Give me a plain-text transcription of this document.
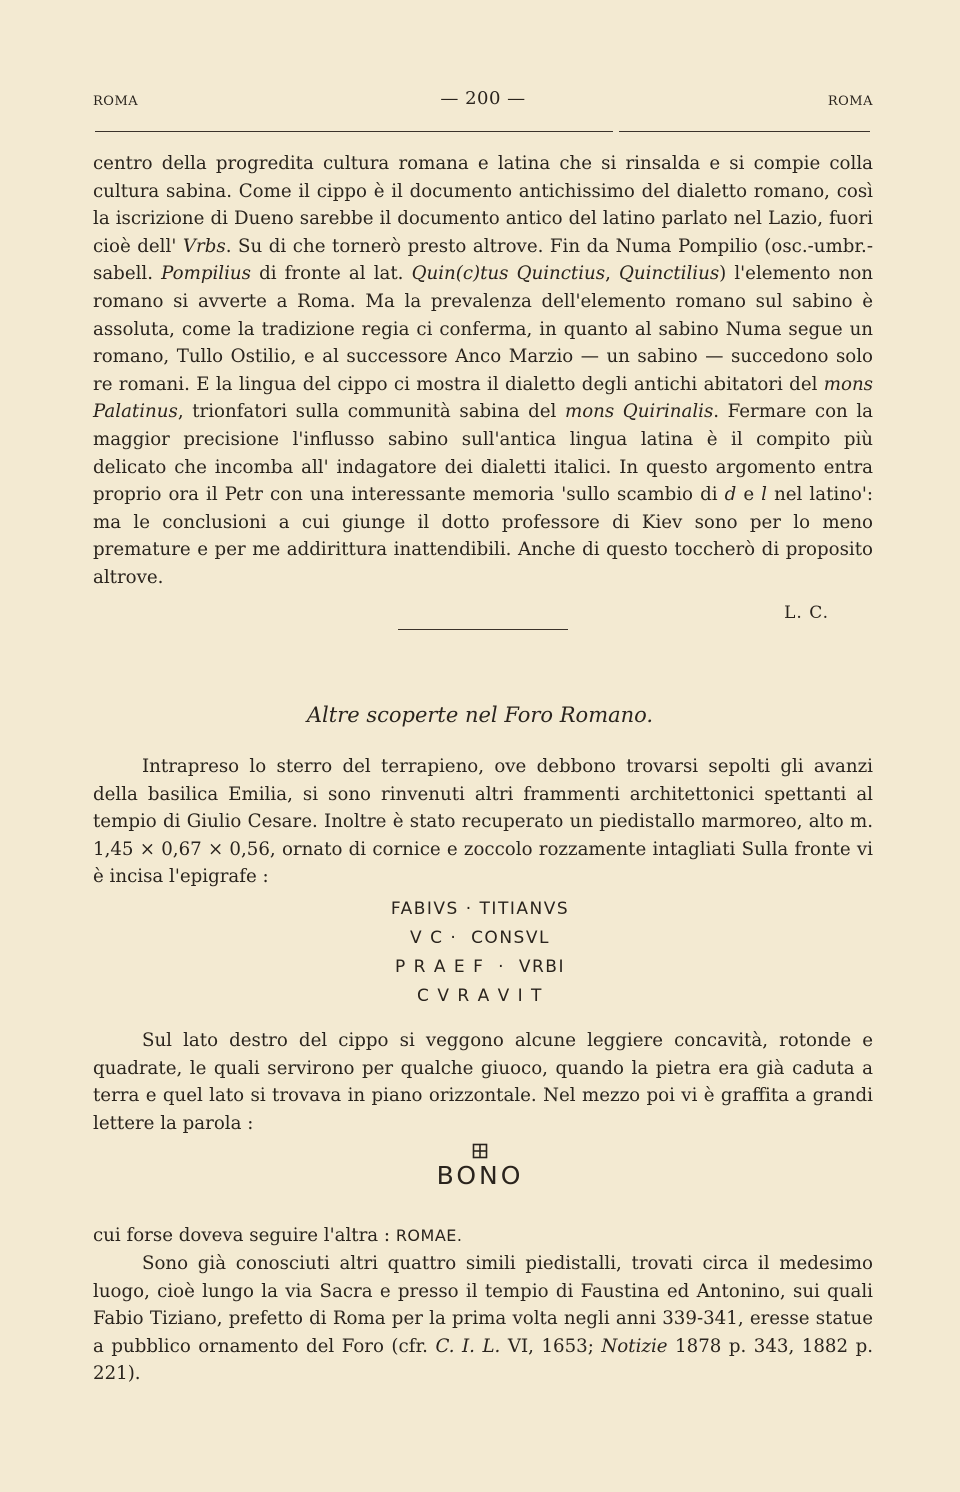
ROMA	— 200 —	ROMA
centro della progredita cultura romana e latina che si rinsalda e si compie colla cultura sabina. Come il cippo è il documento antichissimo del dialetto romano, così la iscrizione di Dueno sarebbe il documento antico del latino parlato nel Lazio, fuori cioè dell' Vrbs. Su di che tornerò presto altrove. Fin da Numa Pompilio (osc.-umbr.-sabell. Pompilius di fronte al lat. Quin(c)tus Quinctius, Quinctilius) l'elemento non romano si avverte a Roma. Ma la prevalenza dell'elemento romano sul sabino è assoluta, come la tradizione regia ci conferma, in quanto al sabino Numa segue un romano, Tullo Ostilio, e al successore Anco Marzio — un sabino — succedono solo re romani. E la lingua del cippo ci mostra il dialetto degli antichi abitatori del mons Palatinus, trionfatori sulla communità sabina del mons Quirinalis. Fermare con la maggior precisione l'influsso sabino sull'antica lingua latina è il compito più delicato che incomba all' indagatore dei dialetti italici. In questo argomento entra proprio ora il Petr con una interessante memoria 'sullo scambio di d e l nel latino': ma le conclusioni a cui giunge il dotto professore di Kiev sono per lo meno premature e per me addirittura inattendibili. Anche di questo toccherò di proposito altrove.
L. C.
Altre scoperte nel Foro Romano.
Intrapreso lo sterro del terrapieno, ove debbono trovarsi sepolti gli avanzi della basilica Emilia, si sono rinvenuti altri frammenti architettonici spettanti al tempio di Giulio Cesare. Inoltre è stato recuperato un piedistallo marmoreo, alto m. 1,45 × 0,67 × 0,56, ornato di cornice e zoccolo rozzamente intagliati Sulla fronte vi è incisa l'epigrafe :
FABIVS · TITIANVS
V C ·  CONSVL
P R A E F  ·  VRBI
C V R A V I T
Sul lato destro del cippo si veggono alcune leggiere concavità, rotonde e quadrate, le quali servirono per qualche giuoco, quando la pietra era già caduta a terra e quel lato si trovava in piano orizzontale. Nel mezzo poi vi è graffita a grandi lettere la parola :
BONO
cui forse doveva seguire l'altra : ROMAE.
Sono già conosciuti altri quattro simili piedistalli, trovati circa il medesimo luogo, cioè lungo la via Sacra e presso il tempio di Faustina ed Antonino, sui quali Fabio Tiziano, prefetto di Roma per la prima volta negli anni 339-341, eresse statue a pubblico ornamento del Foro (cfr. C. I. L. VI, 1653; Notizie 1878 p. 343, 1882 p. 221).
